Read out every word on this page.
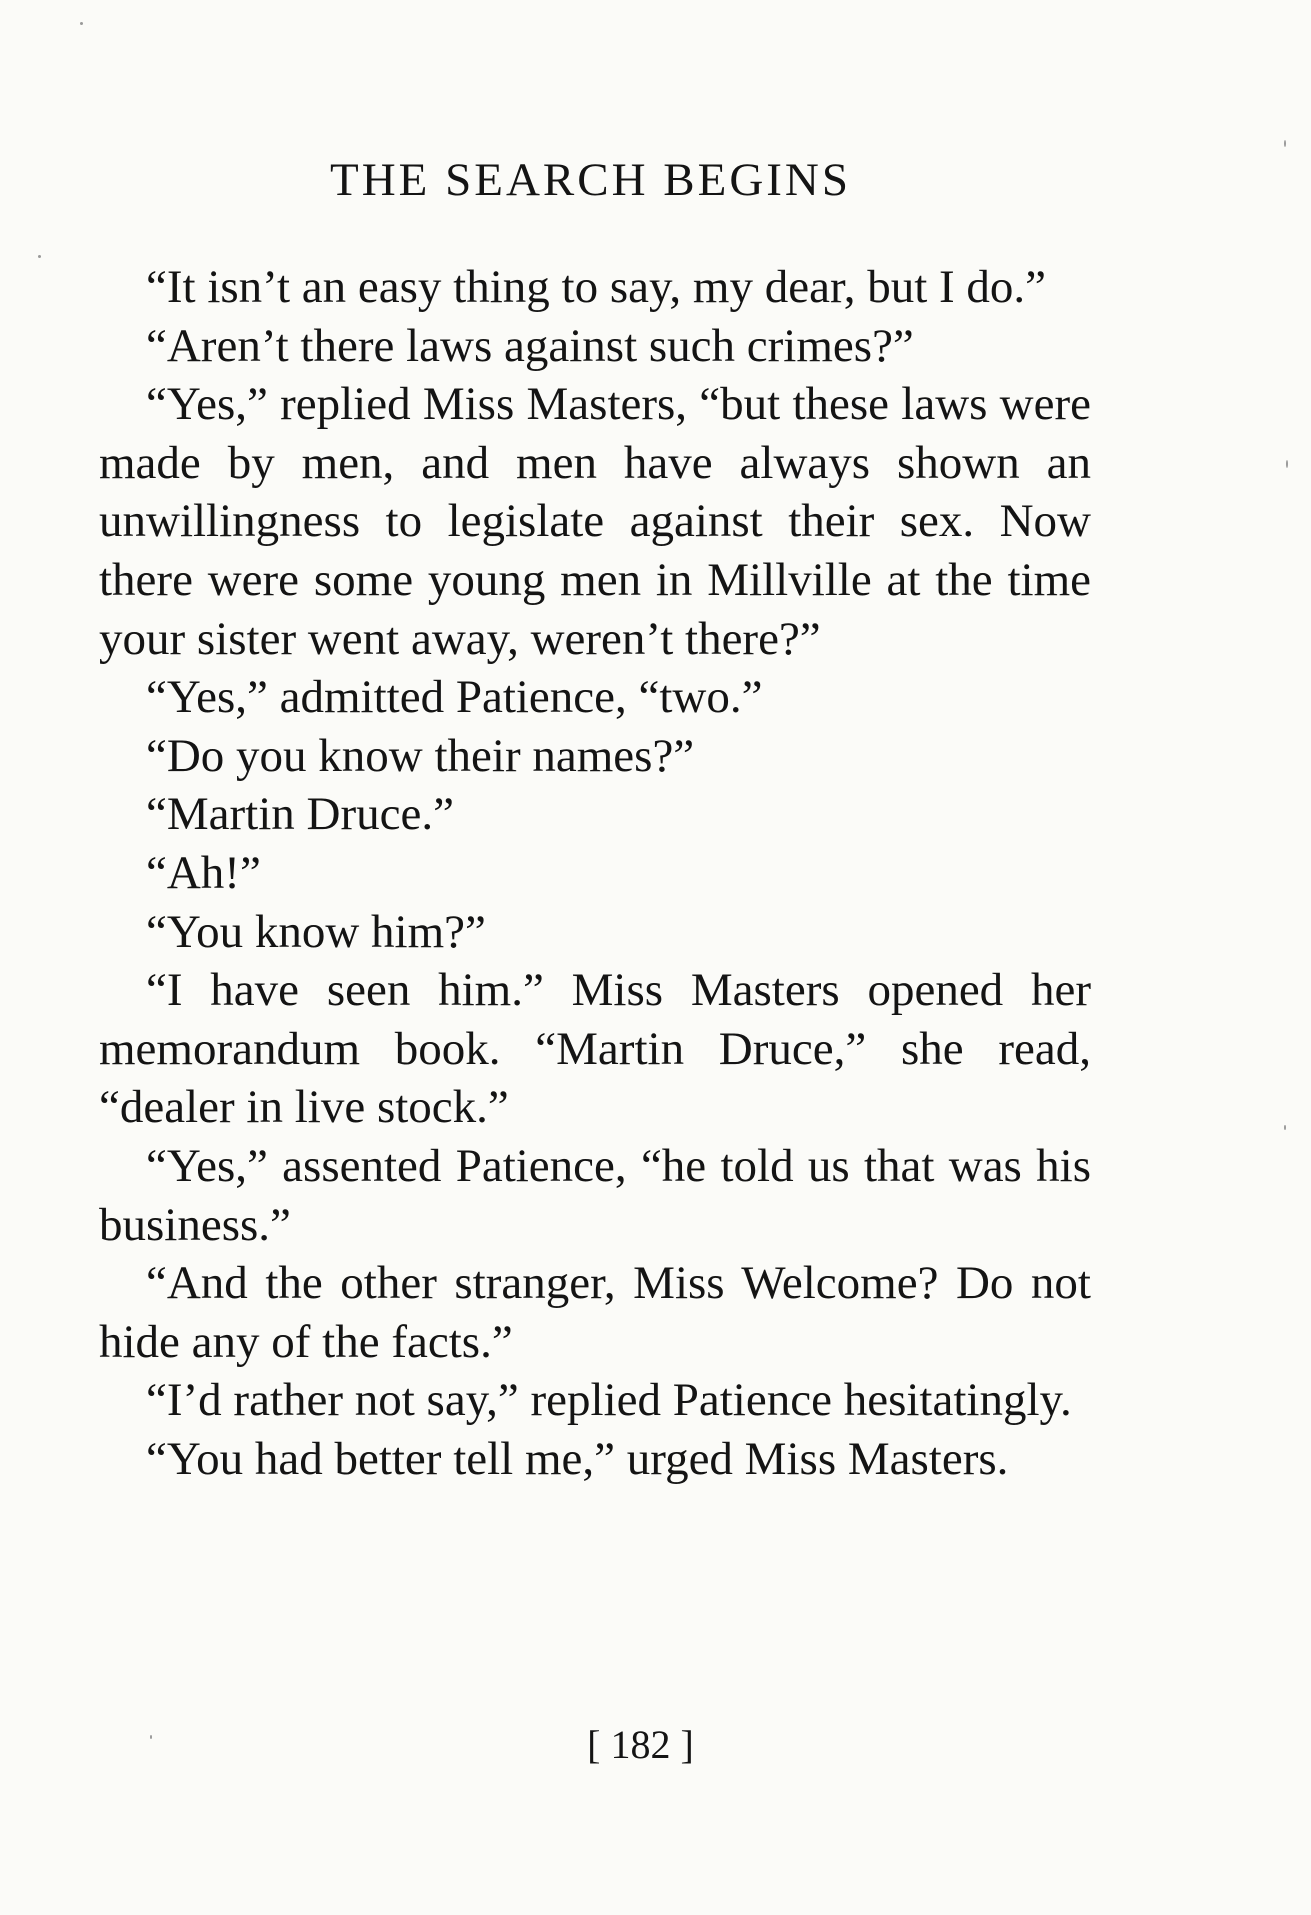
THE SEARCH BEGINS

“It isn’t an easy thing to say, my dear, but I do.”

“Aren’t there laws against such crimes?”

“Yes,” replied Miss Masters, “but these laws were made by men, and men have always shown an unwillingness to legislate against their sex. Now there were some young men in Millville at the time your sister went away, weren’t there?”

“Yes,” admitted Patience, “two.”

“Do you know their names?”

“Martin Druce.”

“Ah!”

“You know him?”

“I have seen him.” Miss Masters opened her memorandum book. “Martin Druce,” she read, “dealer in live stock.”

“Yes,” assented Patience, “he told us that was his business.”

“And the other stranger, Miss Welcome? Do not hide any of the facts.”

“I’d rather not say,” replied Patience hesitatingly.

“You had better tell me,” urged Miss Masters.

[ 182 ]
